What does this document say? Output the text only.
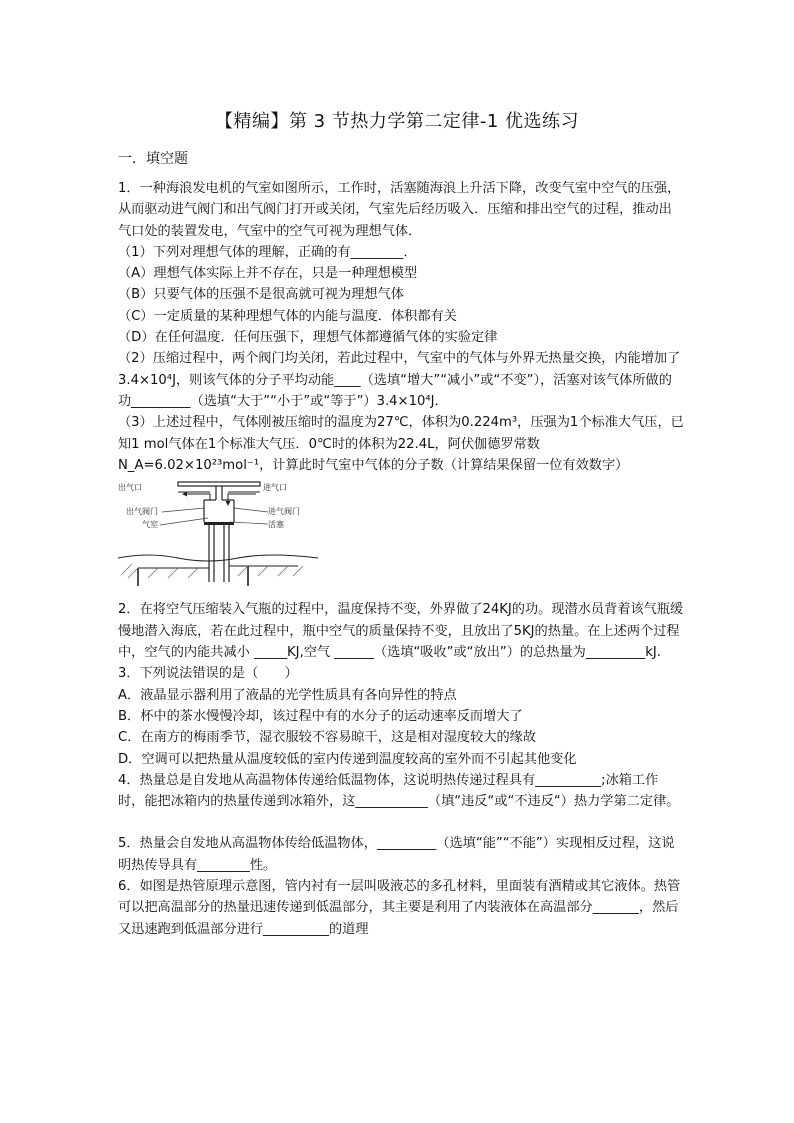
【精编】第 3 节热力学第二定律-1 优选练习
一．填空题

1．一种海浪发电机的气室如图所示，工作时，活塞随海浪上升活下降，改变气室中空气的压强，从而驱动进气阀门和出气阀门打开或关闭，气室先后经历吸入．压缩和排出空气的过程，推动出气口处的装置发电，气室中的空气可视为理想气体．

（1）下列对理想气体的理解，正确的有________．

（A）理想气体实际上并不存在，只是一种理想模型

（B）只要气体的压强不是很高就可视为理想气体

（C）一定质量的某种理想气体的内能与温度．体积都有关

（D）在任何温度．任何压强下，理想气体都遵循气体的实验定律

（2）压缩过程中，两个阀门均关闭，若此过程中，气室中的气体与外界无热量交换，内能增加了3.4×10⁴J，则该气体的分子平均动能____（选填“增大”“减小”或“不变”），活塞对该气体所做的功_________（选填“大于”“小于”或“等于”）3.4×10⁴J．

（3）上述过程中，气体刚被压缩时的温度为27℃，体积为0.224m³，压强为1个标准大气压，已知1 mol气体在1个标准大气压．0℃时的体积为22.4L，阿伏伽德罗常数N_A=6.02×10²³mol⁻¹，计算此时气室中气体的分子数（计算结果保留一位有效数字）

出气口	进气口
出气阀门	进气阀门
气室	活塞

2．在将空气压缩装入气瓶的过程中，温度保持不变，外界做了24KJ的功。现潜水员背着该气瓶缓慢地潜入海底，若在此过程中，瓶中空气的质量保持不变，且放出了5KJ的热量。在上述两个过程中，空气的内能共减小 _____KJ,空气 ______（选填“吸收”或“放出”）的总热量为_________kJ.

3．下列说法错误的是（　　）

A．液晶显示器利用了液晶的光学性质具有各向异性的特点

B．杯中的茶水慢慢冷却，该过程中有的水分子的运动速率反而增大了

C．在南方的梅雨季节，湿衣服较不容易晾干，这是相对湿度较大的缘故

D．空调可以把热量从温度较低的室内传递到温度较高的室外而不引起其他变化

4．热量总是自发地从高温物体传递给低温物体，这说明热传递过程具有__________;冰箱工作时，能把冰箱内的热量传递到冰箱外，这___________（填“违反“或“不违反“）热力学第二定律。

5．热量会自发地从高温物体传给低温物体，_________（选填“能”“不能”）实现相反过程，这说明热传导具有________性。

6．如图是热管原理示意图，管内衬有一层叫吸液芯的多孔材料，里面装有酒精或其它液体。热管可以把高温部分的热量迅速传递到低温部分，其主要是利用了内装液体在高温部分_______，然后又迅速跑到低温部分进行__________的道理
